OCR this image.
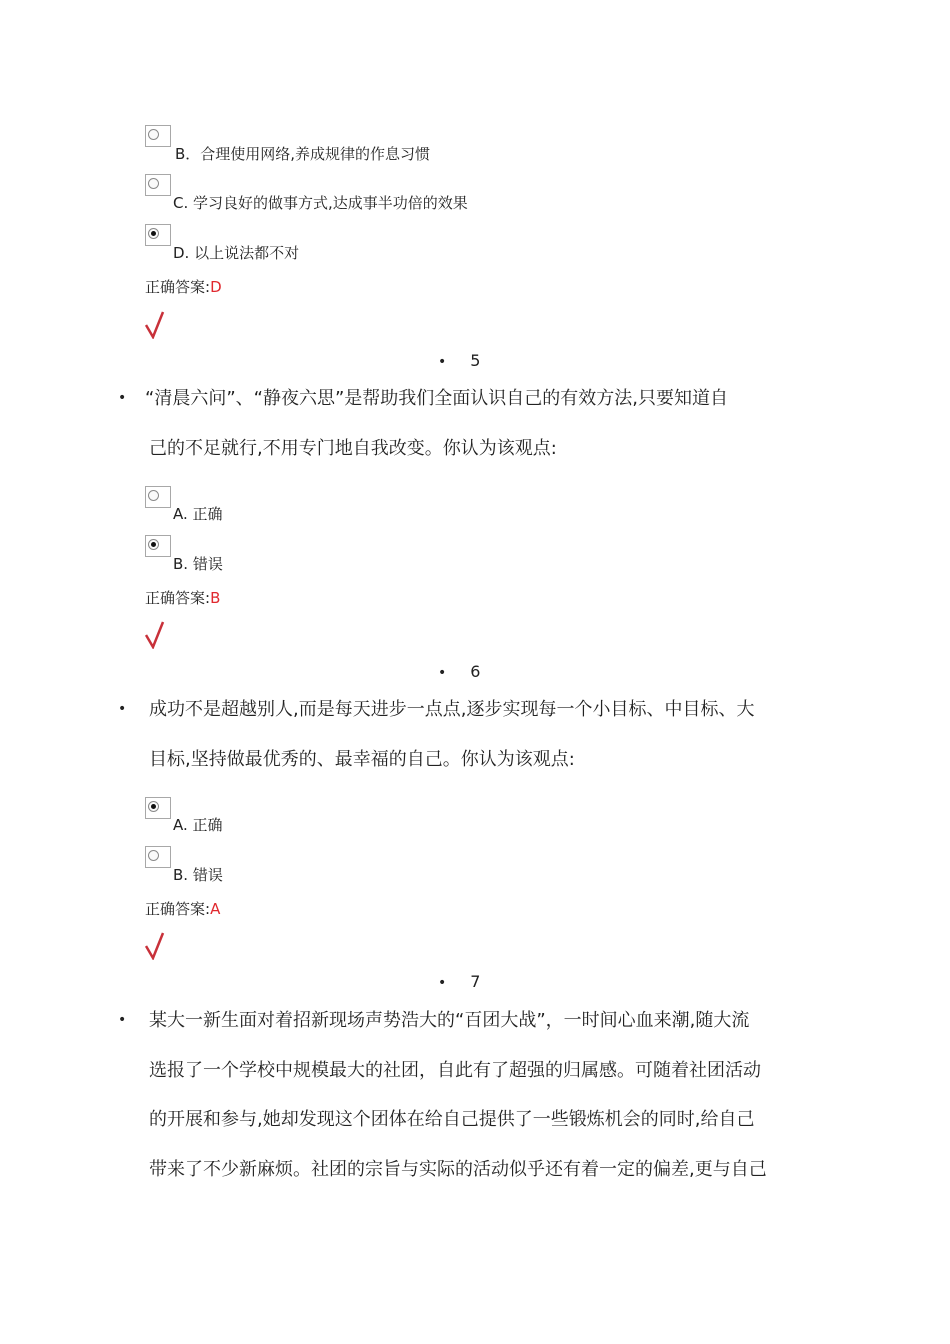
B．合理使用网络,养成规律的作息习惯
C. 学习良好的做事方式,达成事半功倍的效果
D. 以上说法都不对
正确答案:D
• 5
• “清晨六问”、“静夜六思”是帮助我们全面认识自己的有效方法,只要知道自
己的不足就行,不用专门地自我改变。你认为该观点:
A. 正确
B. 错误
正确答案:B
• 6
• 成功不是超越别人,而是每天进步一点点,逐步实现每一个小目标、中目标、大
目标,坚持做最优秀的、最幸福的自己。你认为该观点:
A. 正确
B. 错误
正确答案:A
• 7
• 某大一新生面对着招新现场声势浩大的“百团大战”，一时间心血来潮,随大流
选报了一个学校中规模最大的社团，自此有了超强的归属感。可随着社团活动
的开展和参与,她却发现这个团体在给自己提供了一些锻炼机会的同时,给自己
带来了不少新麻烦。社团的宗旨与实际的活动似乎还有着一定的偏差,更与自己
